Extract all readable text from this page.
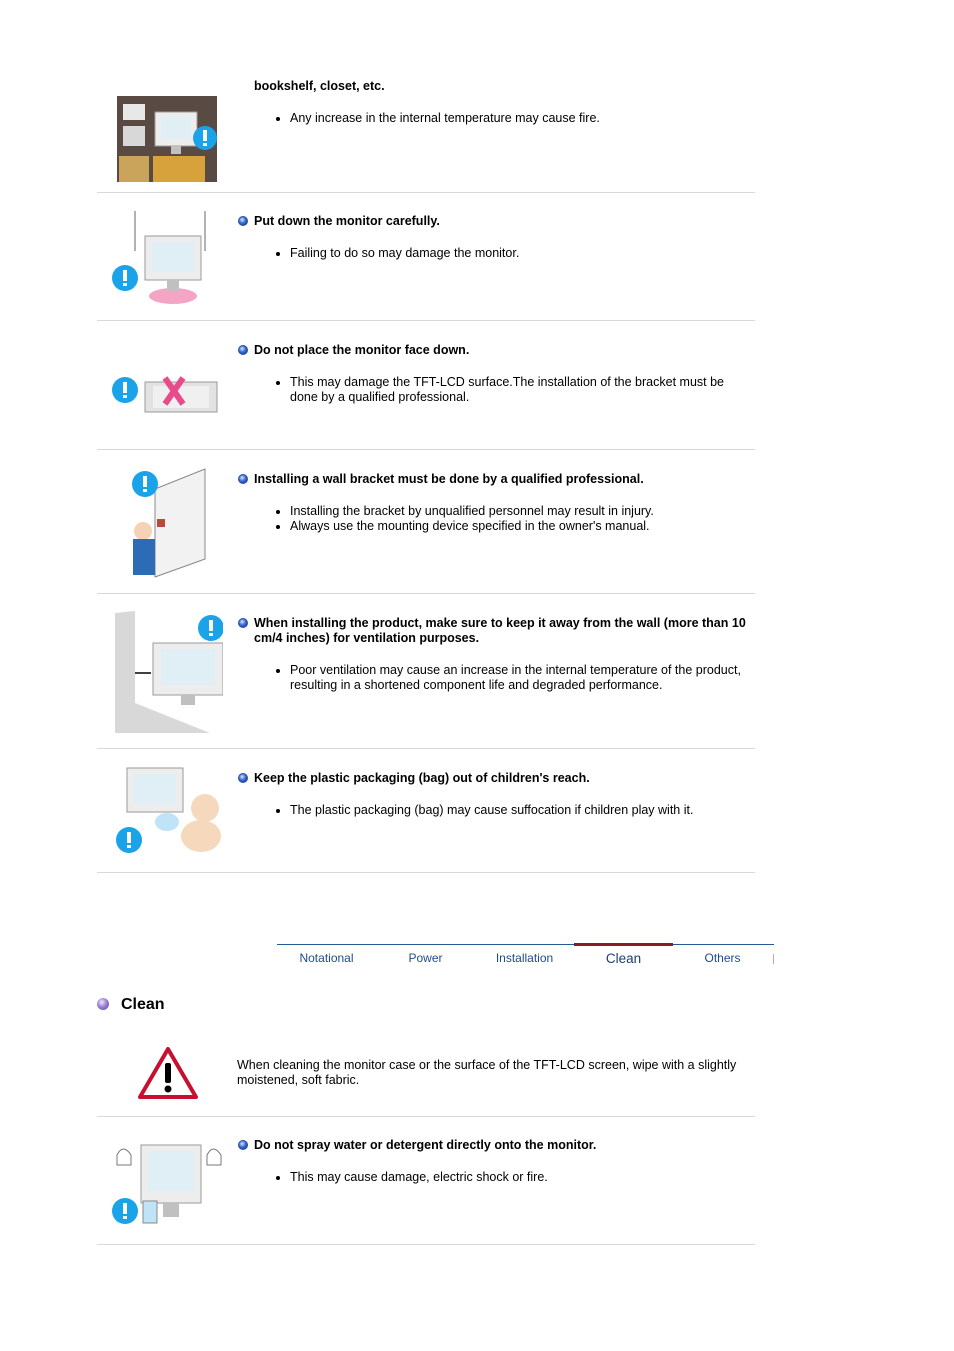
bookshelf, closet, etc.
• Any increase in the internal temperature may cause fire.
Put down the monitor carefully.
• Failing to do so may damage the monitor.
Do not place the monitor face down.
• This may damage the TFT-LCD surface.The installation of the bracket must be done by a qualified professional.
Installing a wall bracket must be done by a qualified professional.
• Installing the bracket by unqualified personnel may result in injury.
• Always use the mounting device specified in the owner's manual.
When installing the product, make sure to keep it away from the wall (more than 10 cm/4 inches) for ventilation purposes.
• Poor ventilation may cause an increase in the internal temperature of the product, resulting in a shortened component life and degraded performance.
Keep the plastic packaging (bag) out of children's reach.
• The plastic packaging (bag) may cause suffocation if children play with it.
Notational	Power	Installation	Clean	Others
Clean
When cleaning the monitor case or the surface of the TFT-LCD screen, wipe with a slightly moistened, soft fabric.
Do not spray water or detergent directly onto the monitor.
• This may cause damage, electric shock or fire.
